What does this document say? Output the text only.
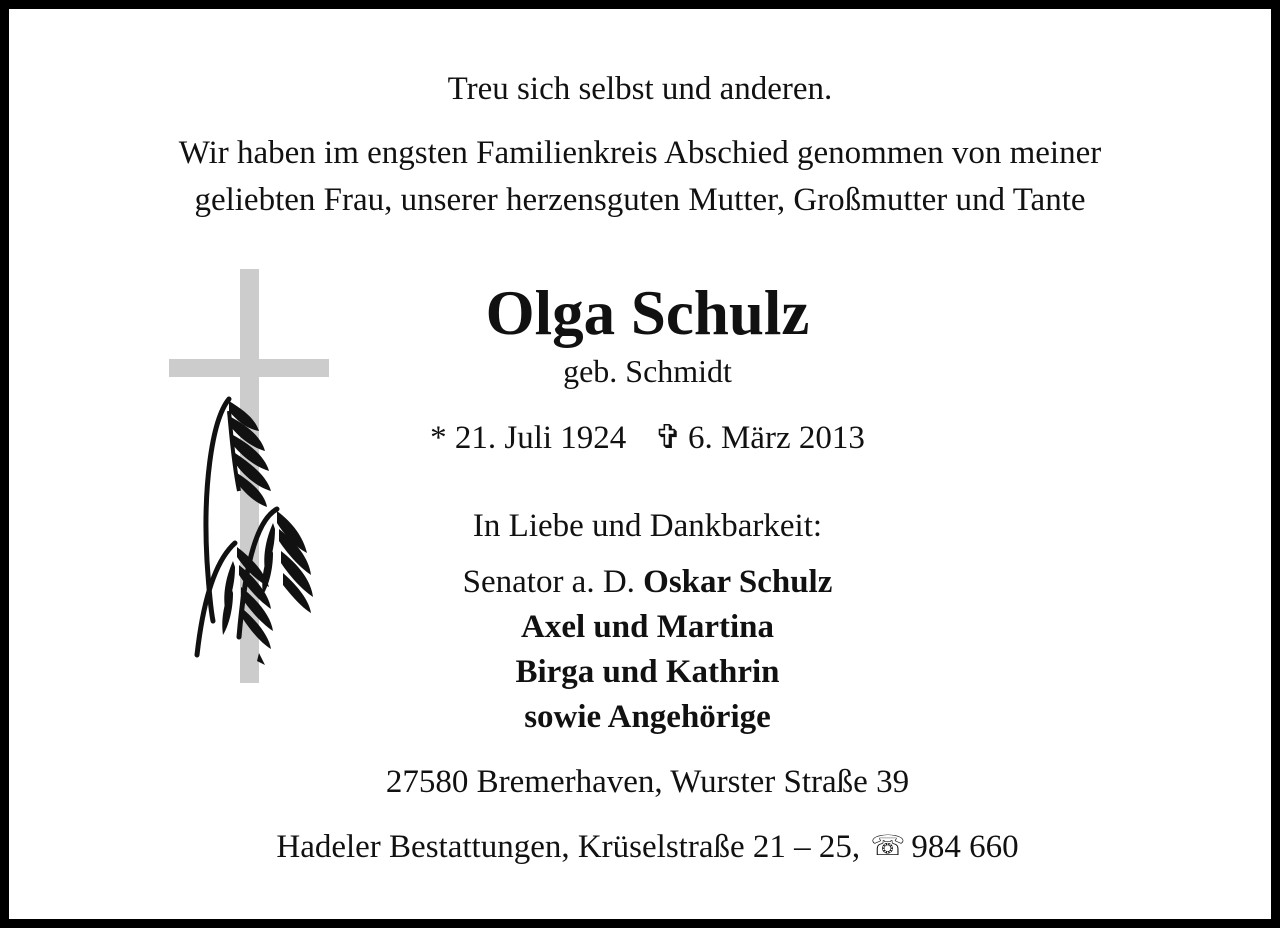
Treu sich selbst und anderen.
Wir haben im engsten Familienkreis Abschied genommen von meiner
geliebten Frau, unserer herzensguten Mutter, Großmutter und Tante
Olga Schulz
geb. Schmidt
* 21. Juli 1924 ✞ 6. März 2013
In Liebe und Dankbarkeit:
Senator a. D. Oskar Schulz
Axel und Martina
Birga und Kathrin
sowie Angehörige
27580 Bremerhaven, Wurster Straße 39
Hadeler Bestattungen, Krüselstraße 21 – 25, ☏ 984 660
